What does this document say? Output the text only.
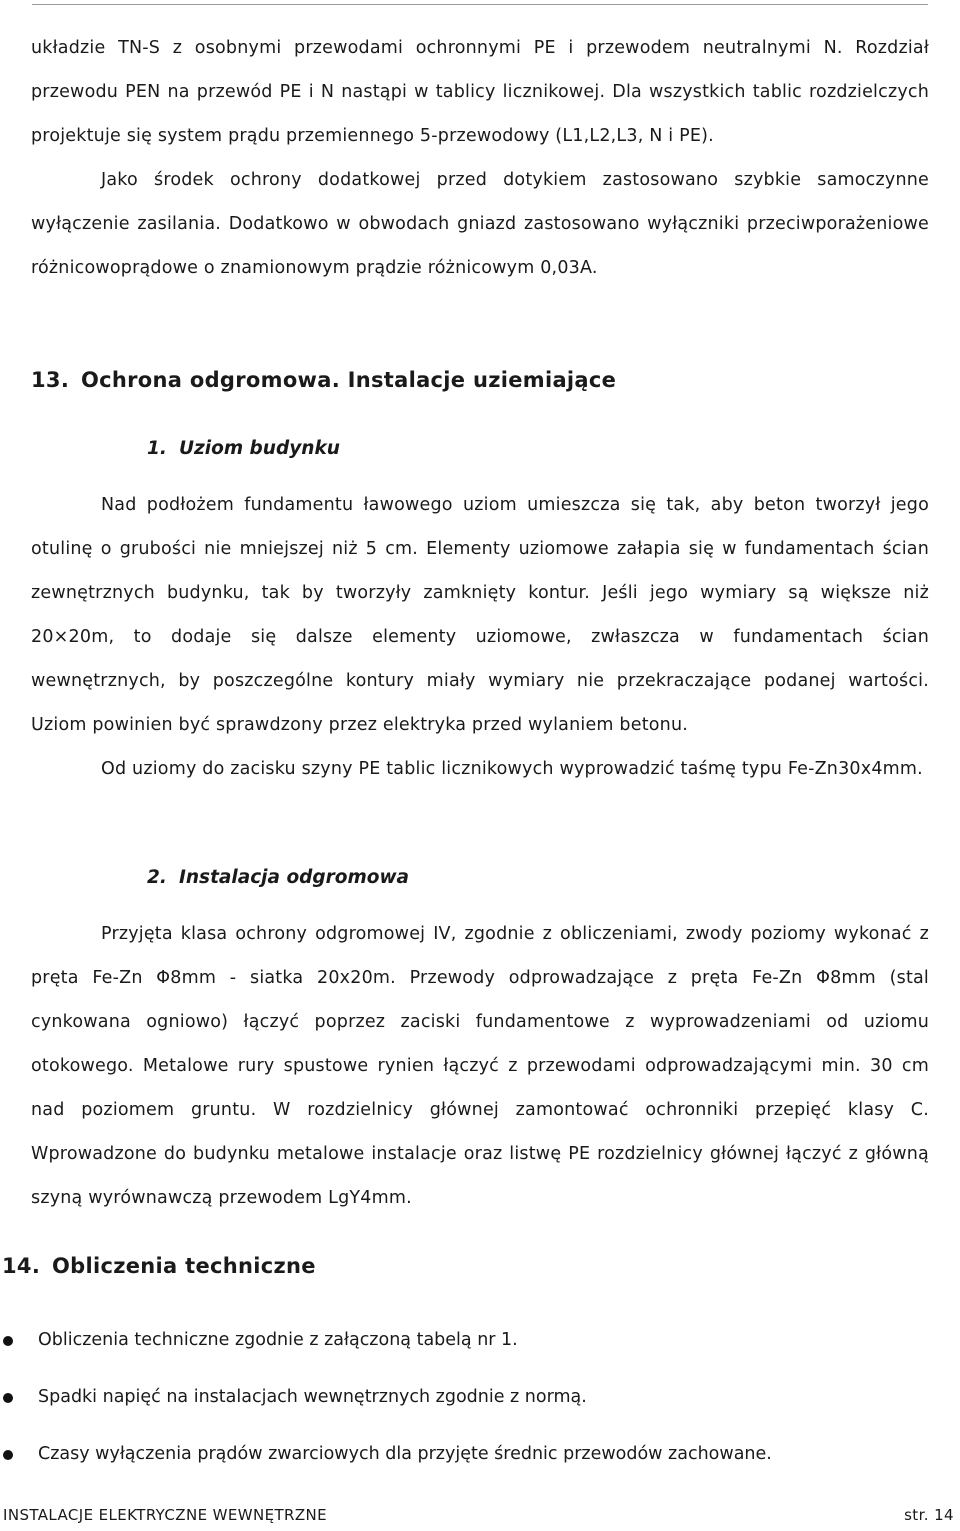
układzie TN-S z osobnymi przewodami ochronnymi PE i przewodem neutralnymi N. Rozdział przewodu PEN na przewód PE i N nastąpi w tablicy licznikowej. Dla wszystkich tablic rozdzielczych projektuje się system prądu przemiennego 5-przewodowy (L1,L2,L3, N i PE).

Jako środek ochrony dodatkowej przed dotykiem zastosowano szybkie samoczynne wyłączenie zasilania. Dodatkowo w obwodach gniazd zastosowano wyłączniki przeciwporażeniowe różnicowoprądowe o znamionowym prądzie różnicowym 0,03A.

13. Ochrona odgromowa. Instalacje uziemiające
1. Uziom budynku

Nad podłożem fundamentu ławowego uziom umieszcza się tak, aby beton tworzył jego otulinę o grubości nie mniejszej niż 5 cm. Elementy uziomowe załapia się w fundamentach ścian zewnętrznych budynku, tak by tworzyły zamknięty kontur. Jeśli jego wymiary są większe niż 20×20m, to dodaje się dalsze elementy uziomowe, zwłaszcza w fundamentach ścian wewnętrznych, by poszczególne kontury miały wymiary nie przekraczające podanej wartości. Uziom powinien być sprawdzony przez elektryka przed wylaniem betonu.

Od uziomy do zacisku szyny PE tablic licznikowych wyprowadzić taśmę typu Fe-Zn30x4mm.

2. Instalacja odgromowa

Przyjęta klasa ochrony odgromowej IV, zgodnie z obliczeniami, zwody poziomy wykonać z pręta Fe-Zn Φ8mm - siatka 20x20m. Przewody odprowadzające z pręta Fe-Zn Φ8mm (stal cynkowana ogniowo) łączyć poprzez zaciski fundamentowe z wyprowadzeniami od uziomu otokowego. Metalowe rury spustowe rynien łączyć z przewodami odprowadzającymi min. 30 cm nad poziomem gruntu. W rozdzielnicy głównej zamontować ochronniki przepięć klasy C. Wprowadzone do budynku metalowe instalacje oraz listwę PE rozdzielnicy głównej łączyć z główną szyną wyrównawczą przewodem LgY4mm.

14. Obliczenia techniczne
Obliczenia techniczne zgodnie z załączoną tabelą nr 1.
Spadki napięć na instalacjach wewnętrznych zgodnie z normą.
Czasy wyłączenia prądów zwarciowych dla przyjęte średnic przewodów zachowane.
INSTALACJE ELEKTRYCZNE WEWNĘTRZNE	str. 14
